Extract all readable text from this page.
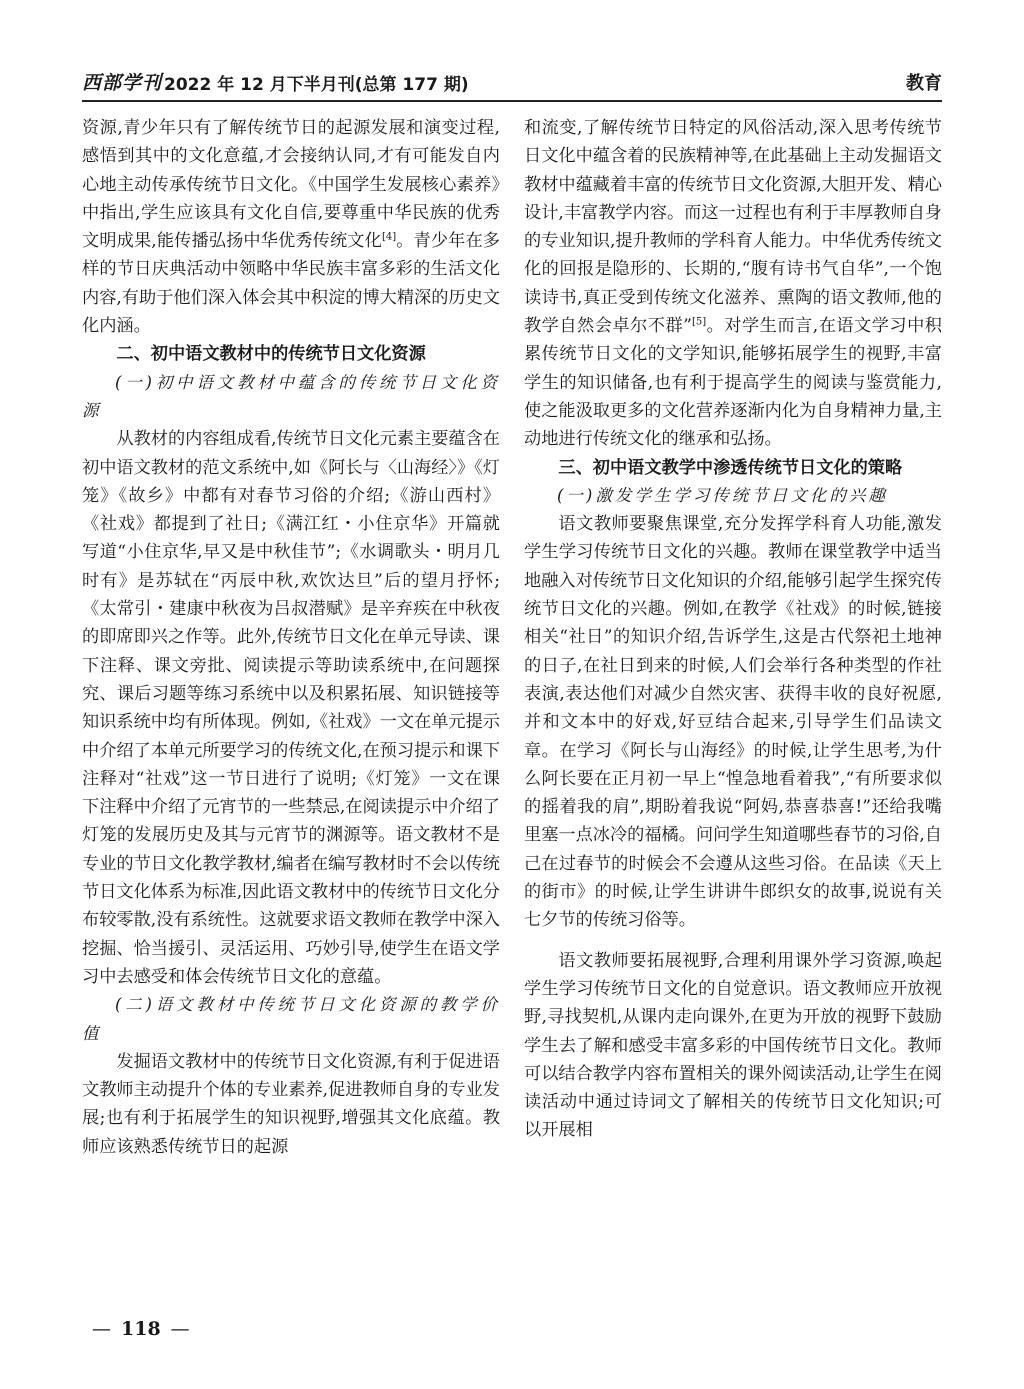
西部学刊 2022 年 12 月下半月刊(总第 177 期)	教育

资源,青少年只有了解传统节日的起源发展和演变过程,感悟到其中的文化意蕴,才会接纳认同,才有可能发自内心地主动传承传统节日文化。《中国学生发展核心素养》中指出,学生应该具有文化自信,要尊重中华民族的优秀文明成果,能传播弘扬中华优秀传统文化[4]。青少年在多样的节日庆典活动中领略中华民族丰富多彩的生活文化内容,有助于他们深入体会其中积淀的博大精深的历史文化内涵。

二、初中语文教材中的传统节日文化资源
(一)初中语文教材中蕴含的传统节日文化资源

从教材的内容组成看,传统节日文化元素主要蕴含在初中语文教材的范文系统中,如《阿长与〈山海经〉》《灯笼》《故乡》中都有对春节习俗的介绍;《游山西村》《社戏》都提到了社日;《满江红・小住京华》开篇就写道“小住京华,早又是中秋佳节”;《水调歌头・明月几时有》是苏轼在“丙辰中秋,欢饮达旦”后的望月抒怀;《太常引・建康中秋夜为吕叔潜赋》是辛弃疾在中秋夜的即席即兴之作等。此外,传统节日文化在单元导读、课下注释、课文旁批、阅读提示等助读系统中,在问题探究、课后习题等练习系统中以及积累拓展、知识链接等知识系统中均有所体现。例如,《社戏》一文在单元提示中介绍了本单元所要学习的传统文化,在预习提示和课下注释对“社戏”这一节日进行了说明;《灯笼》一文在课下注释中介绍了元宵节的一些禁忌,在阅读提示中介绍了灯笼的发展历史及其与元宵节的渊源等。语文教材不是专业的节日文化教学教材,编者在编写教材时不会以传统节日文化体系为标准,因此语文教材中的传统节日文化分布较零散,没有系统性。这就要求语文教师在教学中深入挖掘、恰当援引、灵活运用、巧妙引导,使学生在语文学习中去感受和体会传统节日文化的意蕴。

(二)语文教材中传统节日文化资源的教学价值

发掘语文教材中的传统节日文化资源,有利于促进语文教师主动提升个体的专业素养,促进教师自身的专业发展;也有利于拓展学生的知识视野,增强其文化底蕴。教师应该熟悉传统节日的起源

和流变,了解传统节日特定的风俗活动,深入思考传统节日文化中蕴含着的民族精神等,在此基础上主动发掘语文教材中蕴藏着丰富的传统节日文化资源,大胆开发、精心设计,丰富教学内容。而这一过程也有利于丰厚教师自身的专业知识,提升教师的学科育人能力。中华优秀传统文化的回报是隐形的、长期的,“腹有诗书气自华”,一个饱读诗书,真正受到传统文化滋养、熏陶的语文教师,他的教学自然会卓尔不群”[5]。对学生而言,在语文学习中积累传统节日文化的文学知识,能够拓展学生的视野,丰富学生的知识储备,也有利于提高学生的阅读与鉴赏能力,使之能汲取更多的文化营养逐渐内化为自身精神力量,主动地进行传统文化的继承和弘扬。

三、初中语文教学中渗透传统节日文化的策略
(一)激发学生学习传统节日文化的兴趣

语文教师要聚焦课堂,充分发挥学科育人功能,激发学生学习传统节日文化的兴趣。教师在课堂教学中适当地融入对传统节日文化知识的介绍,能够引起学生探究传统节日文化的兴趣。例如,在教学《社戏》的时候,链接相关“社日”的知识介绍,告诉学生,这是古代祭祀土地神的日子,在社日到来的时候,人们会举行各种类型的作社表演,表达他们对减少自然灾害、获得丰收的良好祝愿,并和文本中的好戏,好豆结合起来,引导学生们品读文章。在学习《阿长与山海经》的时候,让学生思考,为什么阿长要在正月初一早上“惶急地看着我”,“有所要求似的摇着我的肩”,期盼着我说“阿妈,恭喜恭喜!”还给我嘴里塞一点冰冷的福橘。问问学生知道哪些春节的习俗,自己在过春节的时候会不会遵从这些习俗。在品读《天上的街市》的时候,让学生讲讲牛郎织女的故事,说说有关七夕节的传统习俗等。

语文教师要拓展视野,合理利用课外学习资源,唤起学生学习传统节日文化的自觉意识。语文教师应开放视野,寻找契机,从课内走向课外,在更为开放的视野下鼓励学生去了解和感受丰富多彩的中国传统节日文化。教师可以结合教学内容布置相关的课外阅读活动,让学生在阅读活动中通过诗词文了解相关的传统节日文化知识;可以开展相

— 118 —
